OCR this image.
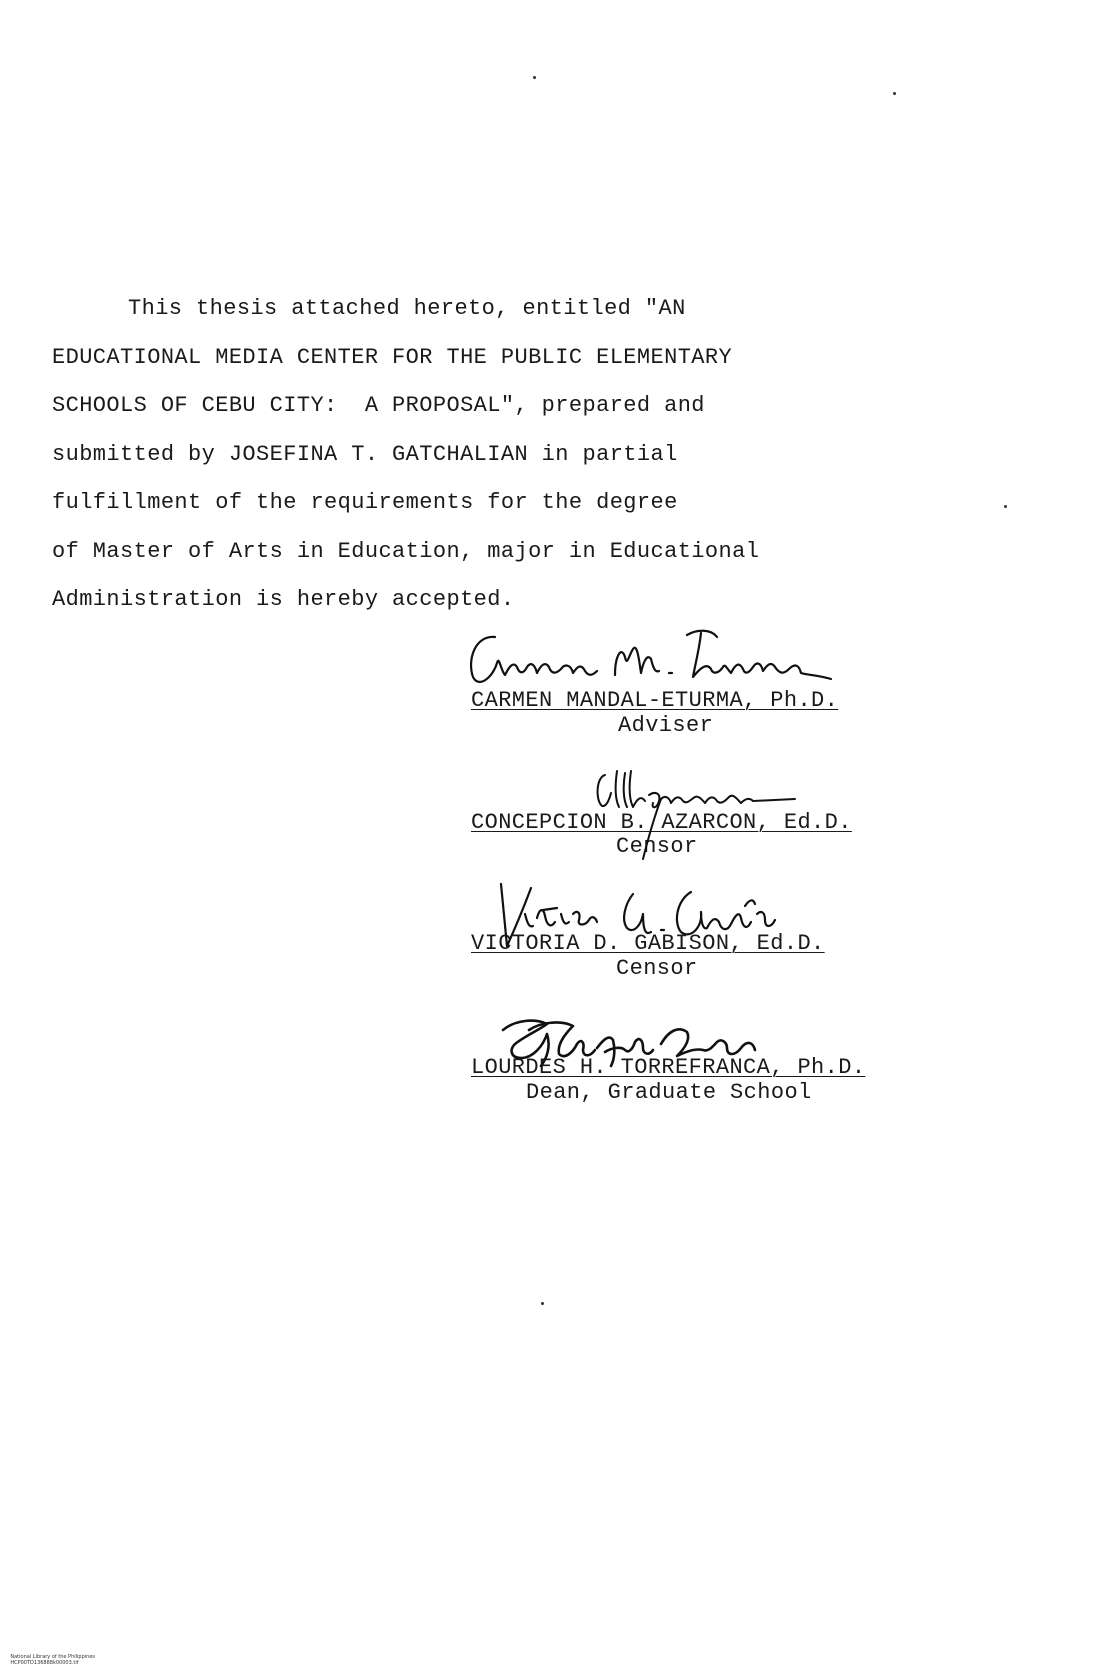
This thesis attached hereto, entitled "AN
EDUCATIONAL MEDIA CENTER FOR THE PUBLIC ELEMENTARY
SCHOOLS OF CEBU CITY:  A PROPOSAL", prepared and
submitted by JOSEFINA T. GATCHALIAN in partial
fulfillment of the requirements for the degree
of Master of Arts in Education, major in Educational
Administration is hereby accepted.
CARMEN MANDAL-ETURMA, Ph.D.
Adviser
CONCEPCION B. AZARCON, Ed.D.
Censor
VICTORIA D. GABISON, Ed.D.
Censor
LOURDES H. TORREFRANCA, Ph.D.
Dean, Graduate School

National Library of the Philippines
HCP00TD136888k00003.tif
